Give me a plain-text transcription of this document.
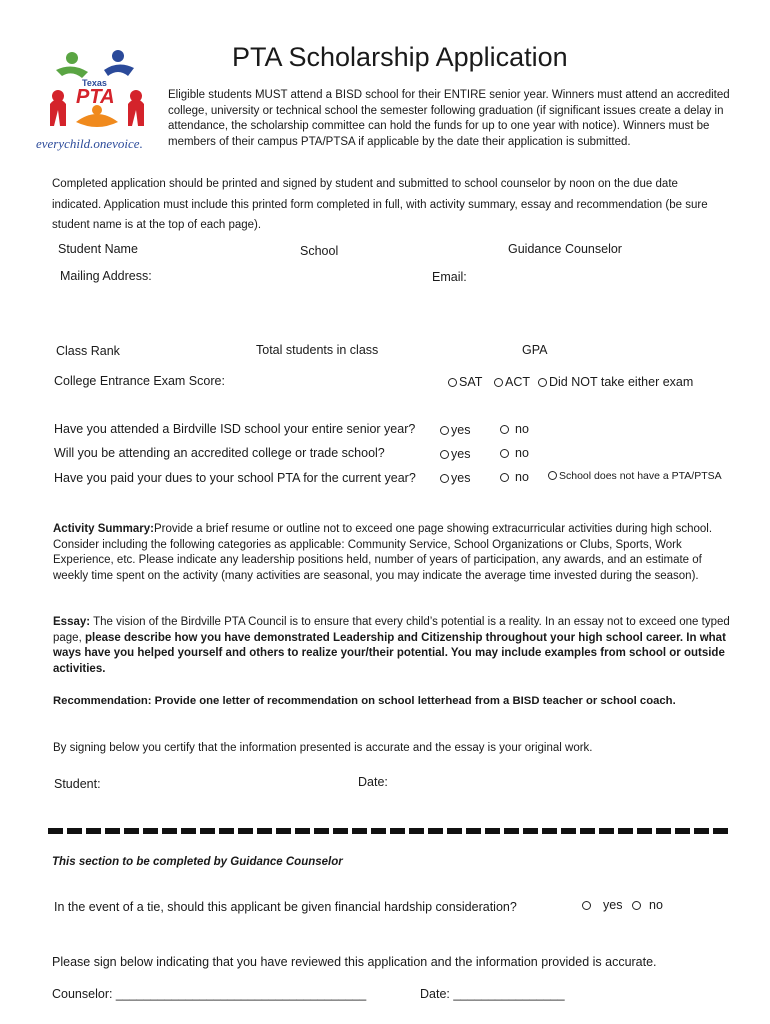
Texas
PTA
everychild.onevoice.
PTA Scholarship Application
Eligible students MUST attend a BISD school for their ENTIRE senior year. Winners must attend an accredited college, university or technical school the semester following graduation (if significant issues create a delay in attendance, the scholarship committee can hold the funds for up to one year with notice). Winners must be members of their campus PTA/PTSA if applicable by the date their application is submitted.
Completed application should be printed and signed by student and submitted to school counselor by noon on the due date indicated. Application must include this printed form completed in full, with activity summary, essay and recommendation (be sure student name is at the top of each page).
Student Name	School	Guidance Counselor
Mailing Address:	Email:
Class Rank	Total students in class	GPA
College Entrance Exam Score:	SAT	ACT	Did NOT take either exam
Have you attended a Birdville ISD school your entire senior year?	yes	no
Will you be attending an accredited college or trade school?	yes	no
Have you paid your dues to your school PTA for the current year?	yes	no	School does not have a PTA/PTSA
Activity Summary:Provide a brief resume or outline not to exceed one page showing extracurricular activities during high school. Consider including the following categories as applicable: Community Service, School Organizations or Clubs, Sports, Work Experience, etc. Please indicate any leadership positions held, number of years of participation, any awards, and an estimate of weekly time spent on the activity (many activities are seasonal, you may indicate the average time invested during the season).
Essay: The vision of the Birdville PTA Council is to ensure that every child’s potential is a reality. In an essay not to exceed one typed page, please describe how you have demonstrated Leadership and Citizenship throughout your high school career. In what ways have you helped yourself and others to realize your/their potential. You may include examples from school or outside activities.
Recommendation: Provide one letter of recommendation on school letterhead from a BISD teacher or school coach.
By signing below you certify that the information presented is accurate and the essay is your original work.
Student:	Date:
This section to be completed by Guidance Counselor
In the event of a tie, should this applicant be given financial hardship consideration?	yes	no
Please sign below indicating that you have reviewed this application and the information provided is accurate.
Counselor: ____________________________________	Date: ________________
